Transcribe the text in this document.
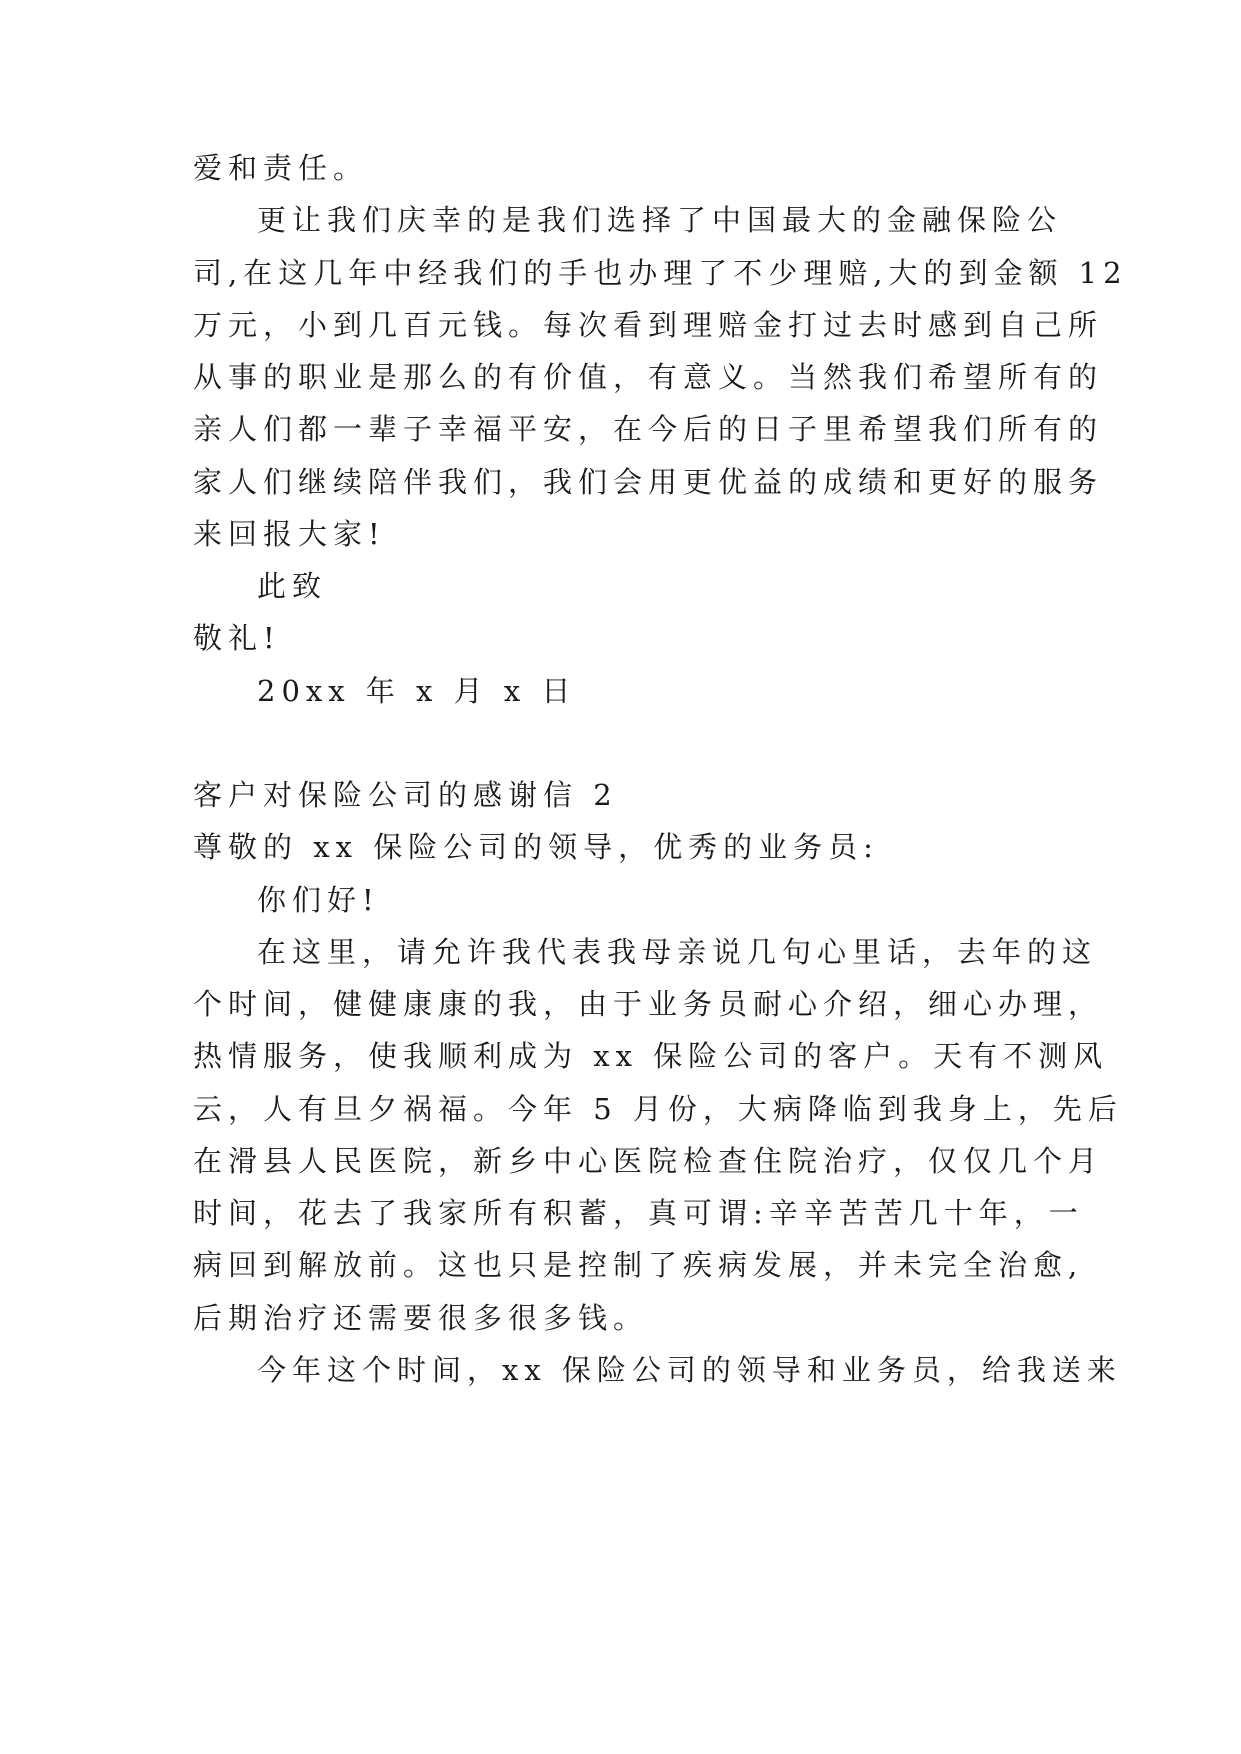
爱和责任。
更让我们庆幸的是我们选择了中国最大的金融保险公
司,在这几年中经我们的手也办理了不少理赔,大的到金额 12
万元，小到几百元钱。每次看到理赔金打过去时感到自己所
从事的职业是那么的有价值，有意义。当然我们希望所有的
亲人们都一辈子幸福平安，在今后的日子里希望我们所有的
家人们继续陪伴我们，我们会用更优益的成绩和更好的服务
来回报大家!
此致
敬礼!
20xx 年 x 月 x 日
客户对保险公司的感谢信 2
尊敬的 xx 保险公司的领导，优秀的业务员:
你们好!
在这里，请允许我代表我母亲说几句心里话，去年的这
个时间，健健康康的我，由于业务员耐心介绍，细心办理，
热情服务，使我顺利成为 xx 保险公司的客户。天有不测风
云，人有旦夕祸福。今年 5 月份，大病降临到我身上，先后
在滑县人民医院，新乡中心医院检查住院治疗，仅仅几个月
时间，花去了我家所有积蓄，真可谓:辛辛苦苦几十年，一
病回到解放前。这也只是控制了疾病发展，并未完全治愈,
后期治疗还需要很多很多钱。
今年这个时间，xx 保险公司的领导和业务员，给我送来
